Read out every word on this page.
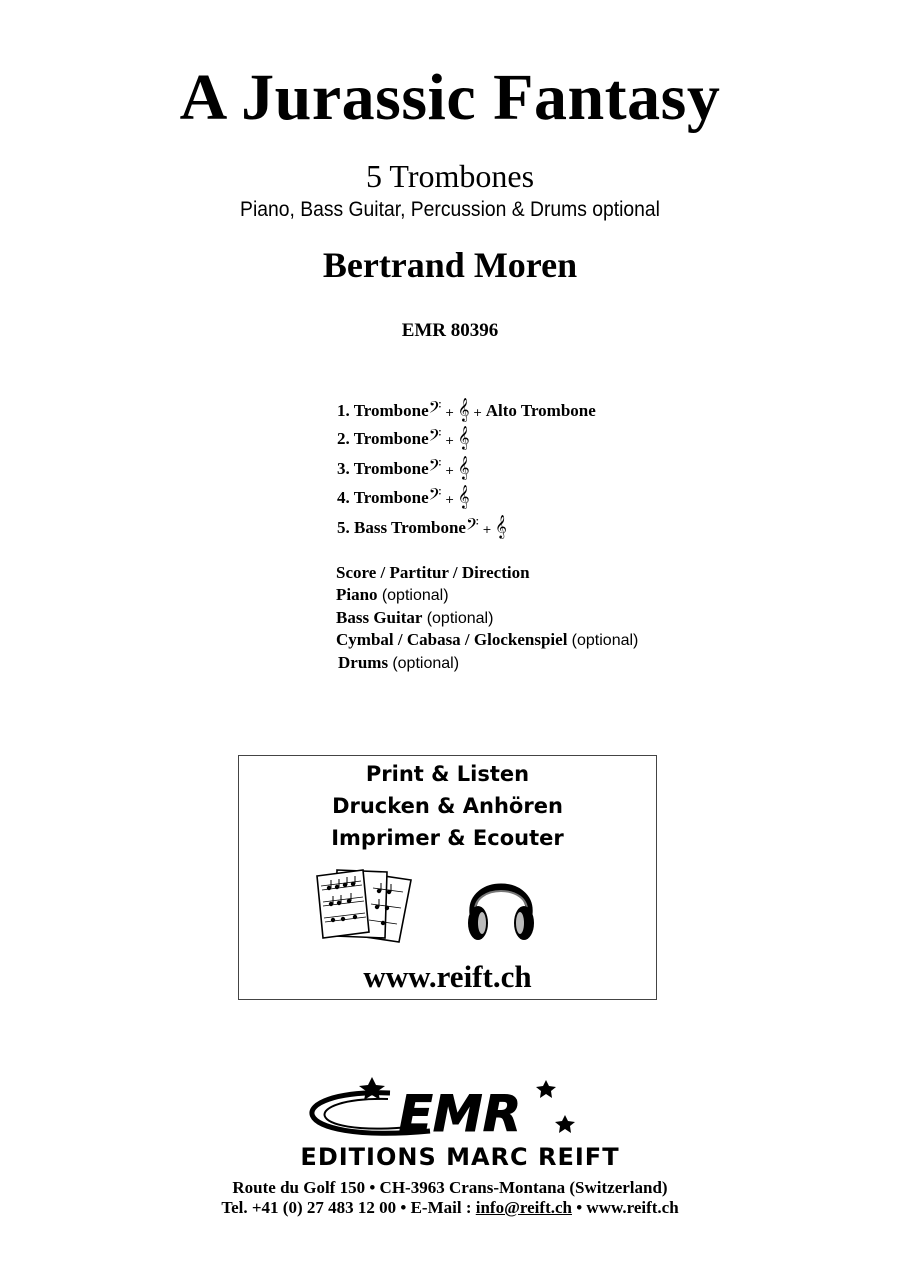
A Jurassic Fantasy
5 Trombones
Piano, Bass Guitar, Percussion & Drums optional
Bertrand Moren
EMR 80396
1. Trombone𝄢 + 𝄞 + Alto Trombone
2. Trombone𝄢 + 𝄞
3. Trombone𝄢 + 𝄞
4. Trombone𝄢 + 𝄞
5. Bass Trombone𝄢 + 𝄞
Score / Partitur / Direction
Piano (optional)
Bass Guitar (optional)
Cymbal / Cabasa / Glockenspiel (optional)
Drums (optional)
Print & Listen
Drucken & Anhören
Imprimer & Ecouter
www.reift.ch
EMR
EDITIONS MARC REIFT
Route du Golf 150 • CH-3963 Crans-Montana (Switzerland)
Tel. +41 (0) 27 483 12 00 • E-Mail : info@reift.ch • www.reift.ch
